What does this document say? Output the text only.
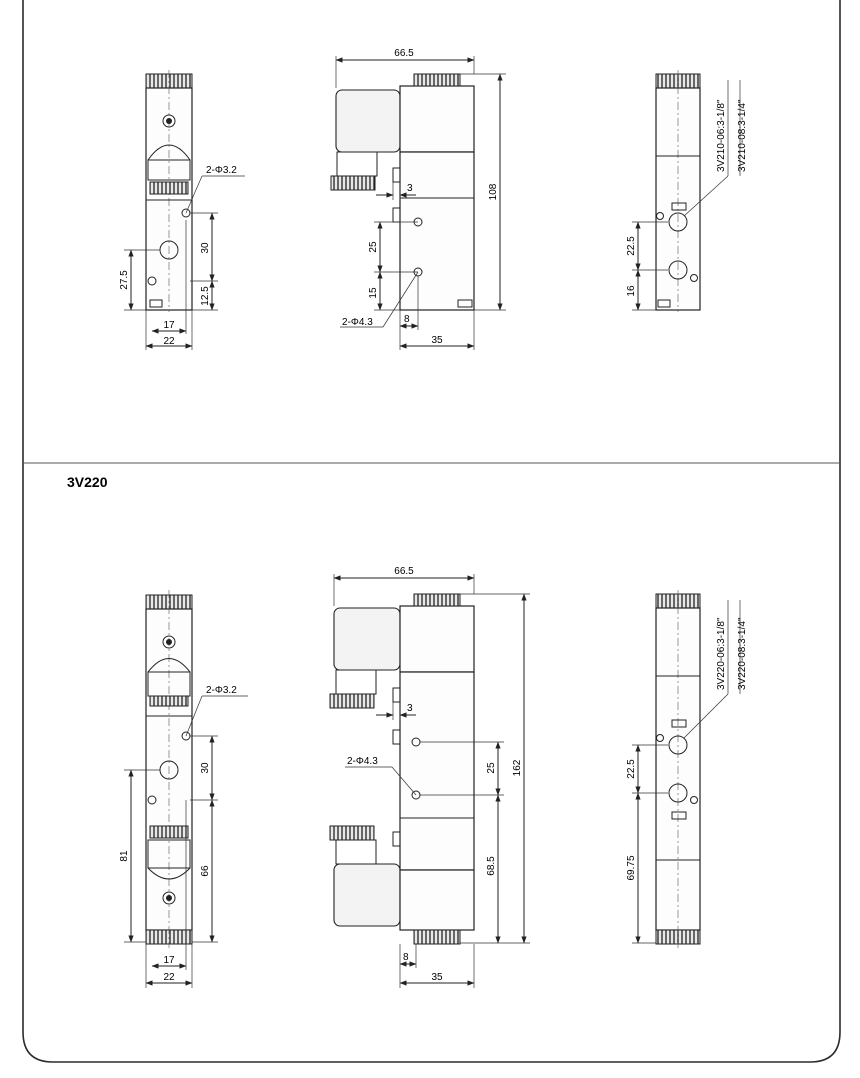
2-Φ3.2
30
12.5
27.5
17
22
66.5
108
3
25
15
2-Φ4.3	8
35
3V210-06:3-1/8" 3V210-08:3-1/4"
22.5
16
3V220
2-Φ3.2
30
66
81
17
22
66.5
162
25
68.5
3
2-Φ4.3
8
35
3V220-06:3-1/8" 3V220-08:3-1/4"
22.5
69.75
